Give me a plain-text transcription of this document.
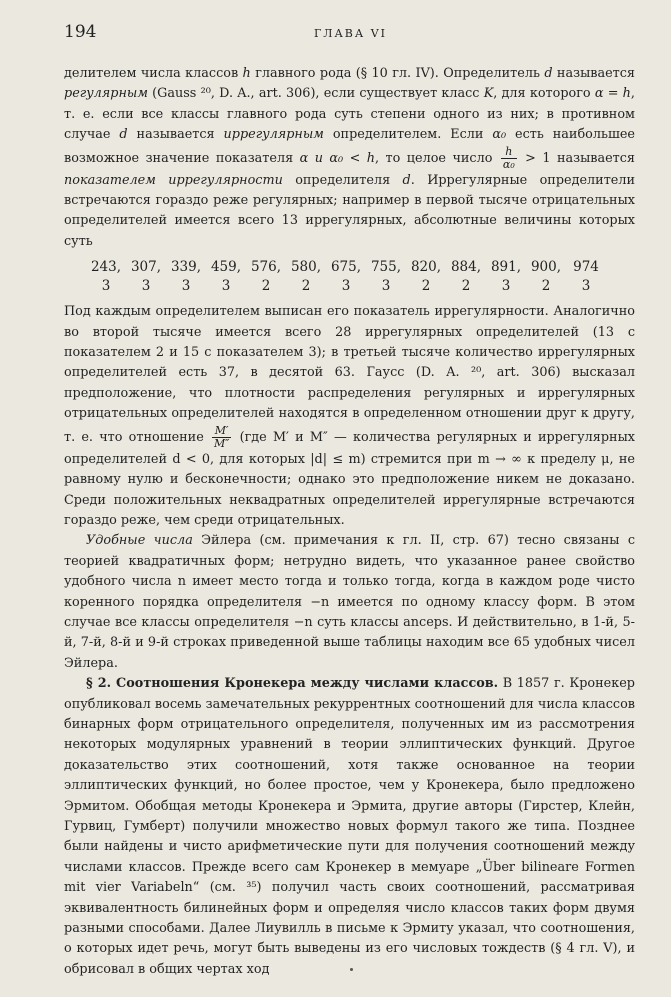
194	ГЛАВА VI

делителем числа классов h главного рода (§ 10 гл. IV). Определитель d называется регулярным (Gauss ²⁰, D. A., art. 306), если существует класс K, для которого α = h, т. е. если все классы главного рода суть степени одного из них; в противном случае d называется иррегулярным определителем. Если α₀ есть наибольшее возможное значение показателя α и α₀ < h, то целое число $\frac{h}{\text{α₀}} > 1$ называется показателем иррегулярности определителя d. Иррегулярные определители встречаются гораздо реже регулярных; например в первой тысяче отрицательных определителей имеется всего 13 иррегулярных, абсолютные величины которых суть

243, 307, 339, 459, 576, 580, 675, 755, 820, 884, 891, 900, 974
3	3	3	3	2	2	3	3	2	2	3	2	3

Под каждым определителем выписан его показатель иррегулярности. Аналогично во второй тысяче имеется всего 28 иррегулярных определителей (13 с показателем 2 и 15 с показателем 3); в третьей тысяче количество иррегулярных определителей есть 37, в десятой 63. Гаусс (D. A. ²⁰, art. 306) высказал предположение, что плотности распределения регулярных и иррегулярных отрицательных определителей находятся в определенном отношении друг к другу, т. е. что отношение $\frac{M'}{M''} (где$ M′ и M″ — количества регулярных и иррегулярных определителей d < 0, для которых |d| ≤ m) стремится при m → ∞ к пределу μ, не равному нулю и бесконечности; однако это предположение никем не доказано. Среди положительных неквадратных определителей иррегулярные встречаются гораздо реже, чем среди отрицательных.

Удобные числа Эйлера (см. примечания к гл. II, стр. 67) тесно связаны с теорией квадратичных форм; нетрудно видеть, что указанное ранее свойство удобного числа n имеет место тогда и только тогда, когда в каждом роде чисто коренного порядка определителя −n имеется по одному классу форм. В этом случае все классы определителя −n суть классы anceps. И действительно, в 1-й, 5-й, 7-й, 8-й и 9-й строках приведенной выше таблицы находим все 65 удобных чисел Эйлера.

§ 2. Соотношения Кронекера между числами классов. В 1857 г. Кронекер опубликовал восемь замечательных рекуррентных соотношений для числа классов бинарных форм отрицательного определителя, полученных им из рассмотрения некоторых модулярных уравнений в теории эллиптических функций. Другое доказательство этих соотношений, хотя также основанное на теории эллиптических функций, но более простое, чем у Кронекера, было предложено Эрмитом. Обобщая методы Кронекера и Эрмита, другие авторы (Гирстер, Клейн, Гурвиц, Гумберт) получили множество новых формул такого же типа. Позднее были найдены и чисто арифметические пути для получения соотношений между числами классов. Прежде всего сам Кронекер в мемуаре „Über bilineare Formen mit vier Variabeln“ (см. ³⁵) получил часть своих соотношений, рассматривая эквивалентность билинейных форм и определяя число классов таких форм двумя разными способами. Далее Лиувилль в письме к Эрмиту указал, что соотношения, о которых идет речь, могут быть выведены из его числовых тождеств (§ 4 гл. V), и обрисовал в общих чертах ход
